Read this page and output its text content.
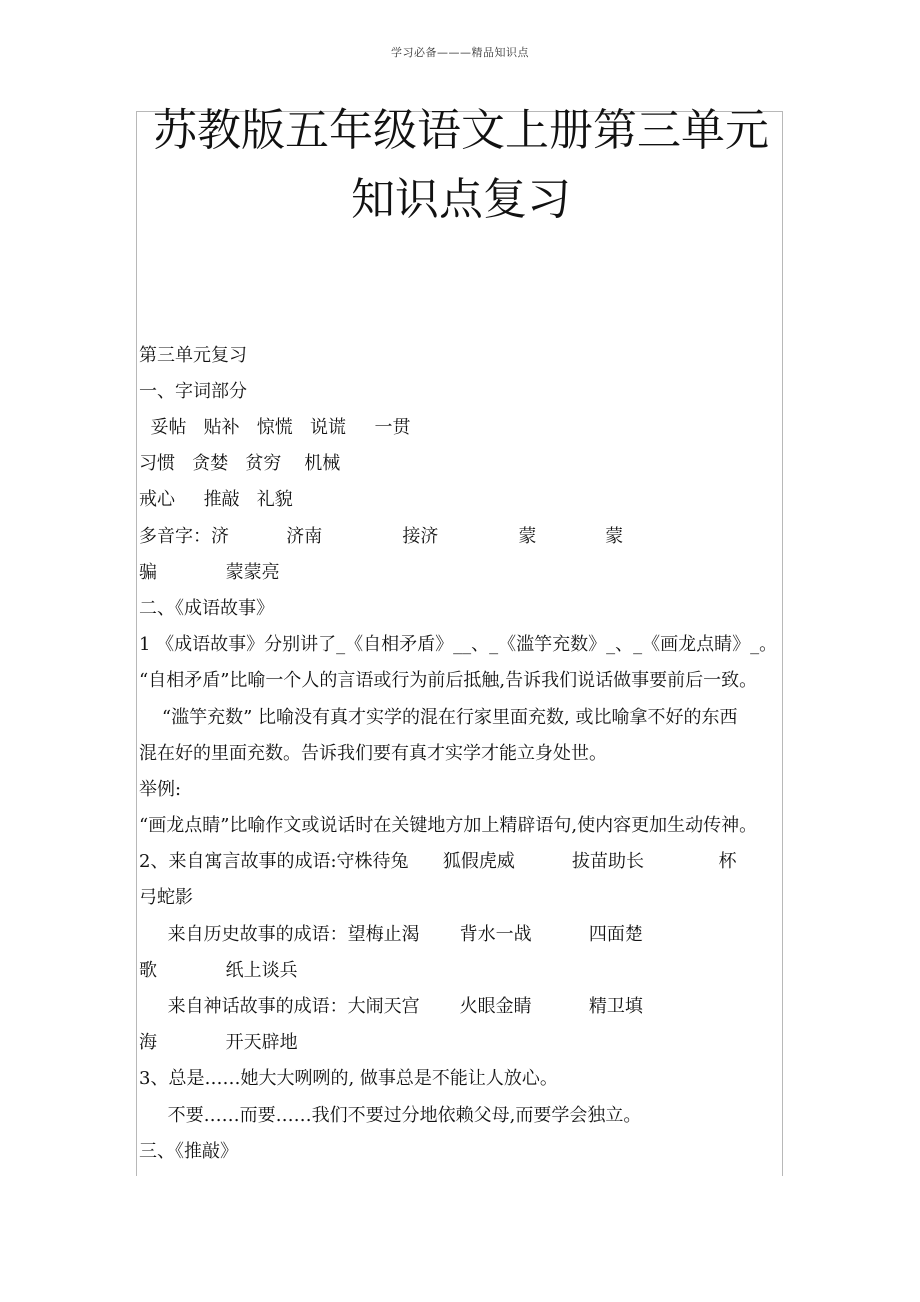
学习必备———精品知识点
苏教版五年级语文上册第三单元
知识点复习
第三单元复习
一、字词部分
妥帖   贴补   惊慌   说谎     一贯
习惯   贪婪   贫穷    机械
戒心     推敲   礼貌
多音字：济          济南              接济              蒙            蒙
骗            蒙蒙亮
二、《成语故事》
1 《成语故事》分别讲了_《自相矛盾》__、_《滥竽充数》_、_《画龙点睛》_。
“自相矛盾”比喻一个人的言语或行为前后抵触,告诉我们说话做事要前后一致。
“滥竽充数” 比喻没有真才实学的混在行家里面充数, 或比喻拿不好的东西
混在好的里面充数。告诉我们要有真才实学才能立身处世。
举例:
“画龙点睛”比喻作文或说话时在关键地方加上精辟语句,使内容更加生动传神。
2、来自寓言故事的成语:守株待兔      狐假虎威          拔苗助长             杯
弓蛇影
来自历史故事的成语：望梅止渴       背水一战          四面楚
歌            纸上谈兵
来自神话故事的成语：大闹天宫       火眼金睛          精卫填
海            开天辟地
3、总是……她大大咧咧的, 做事总是不能让人放心。
不要……而要……我们不要过分地依赖父母,而要学会独立。
三、《推敲》
